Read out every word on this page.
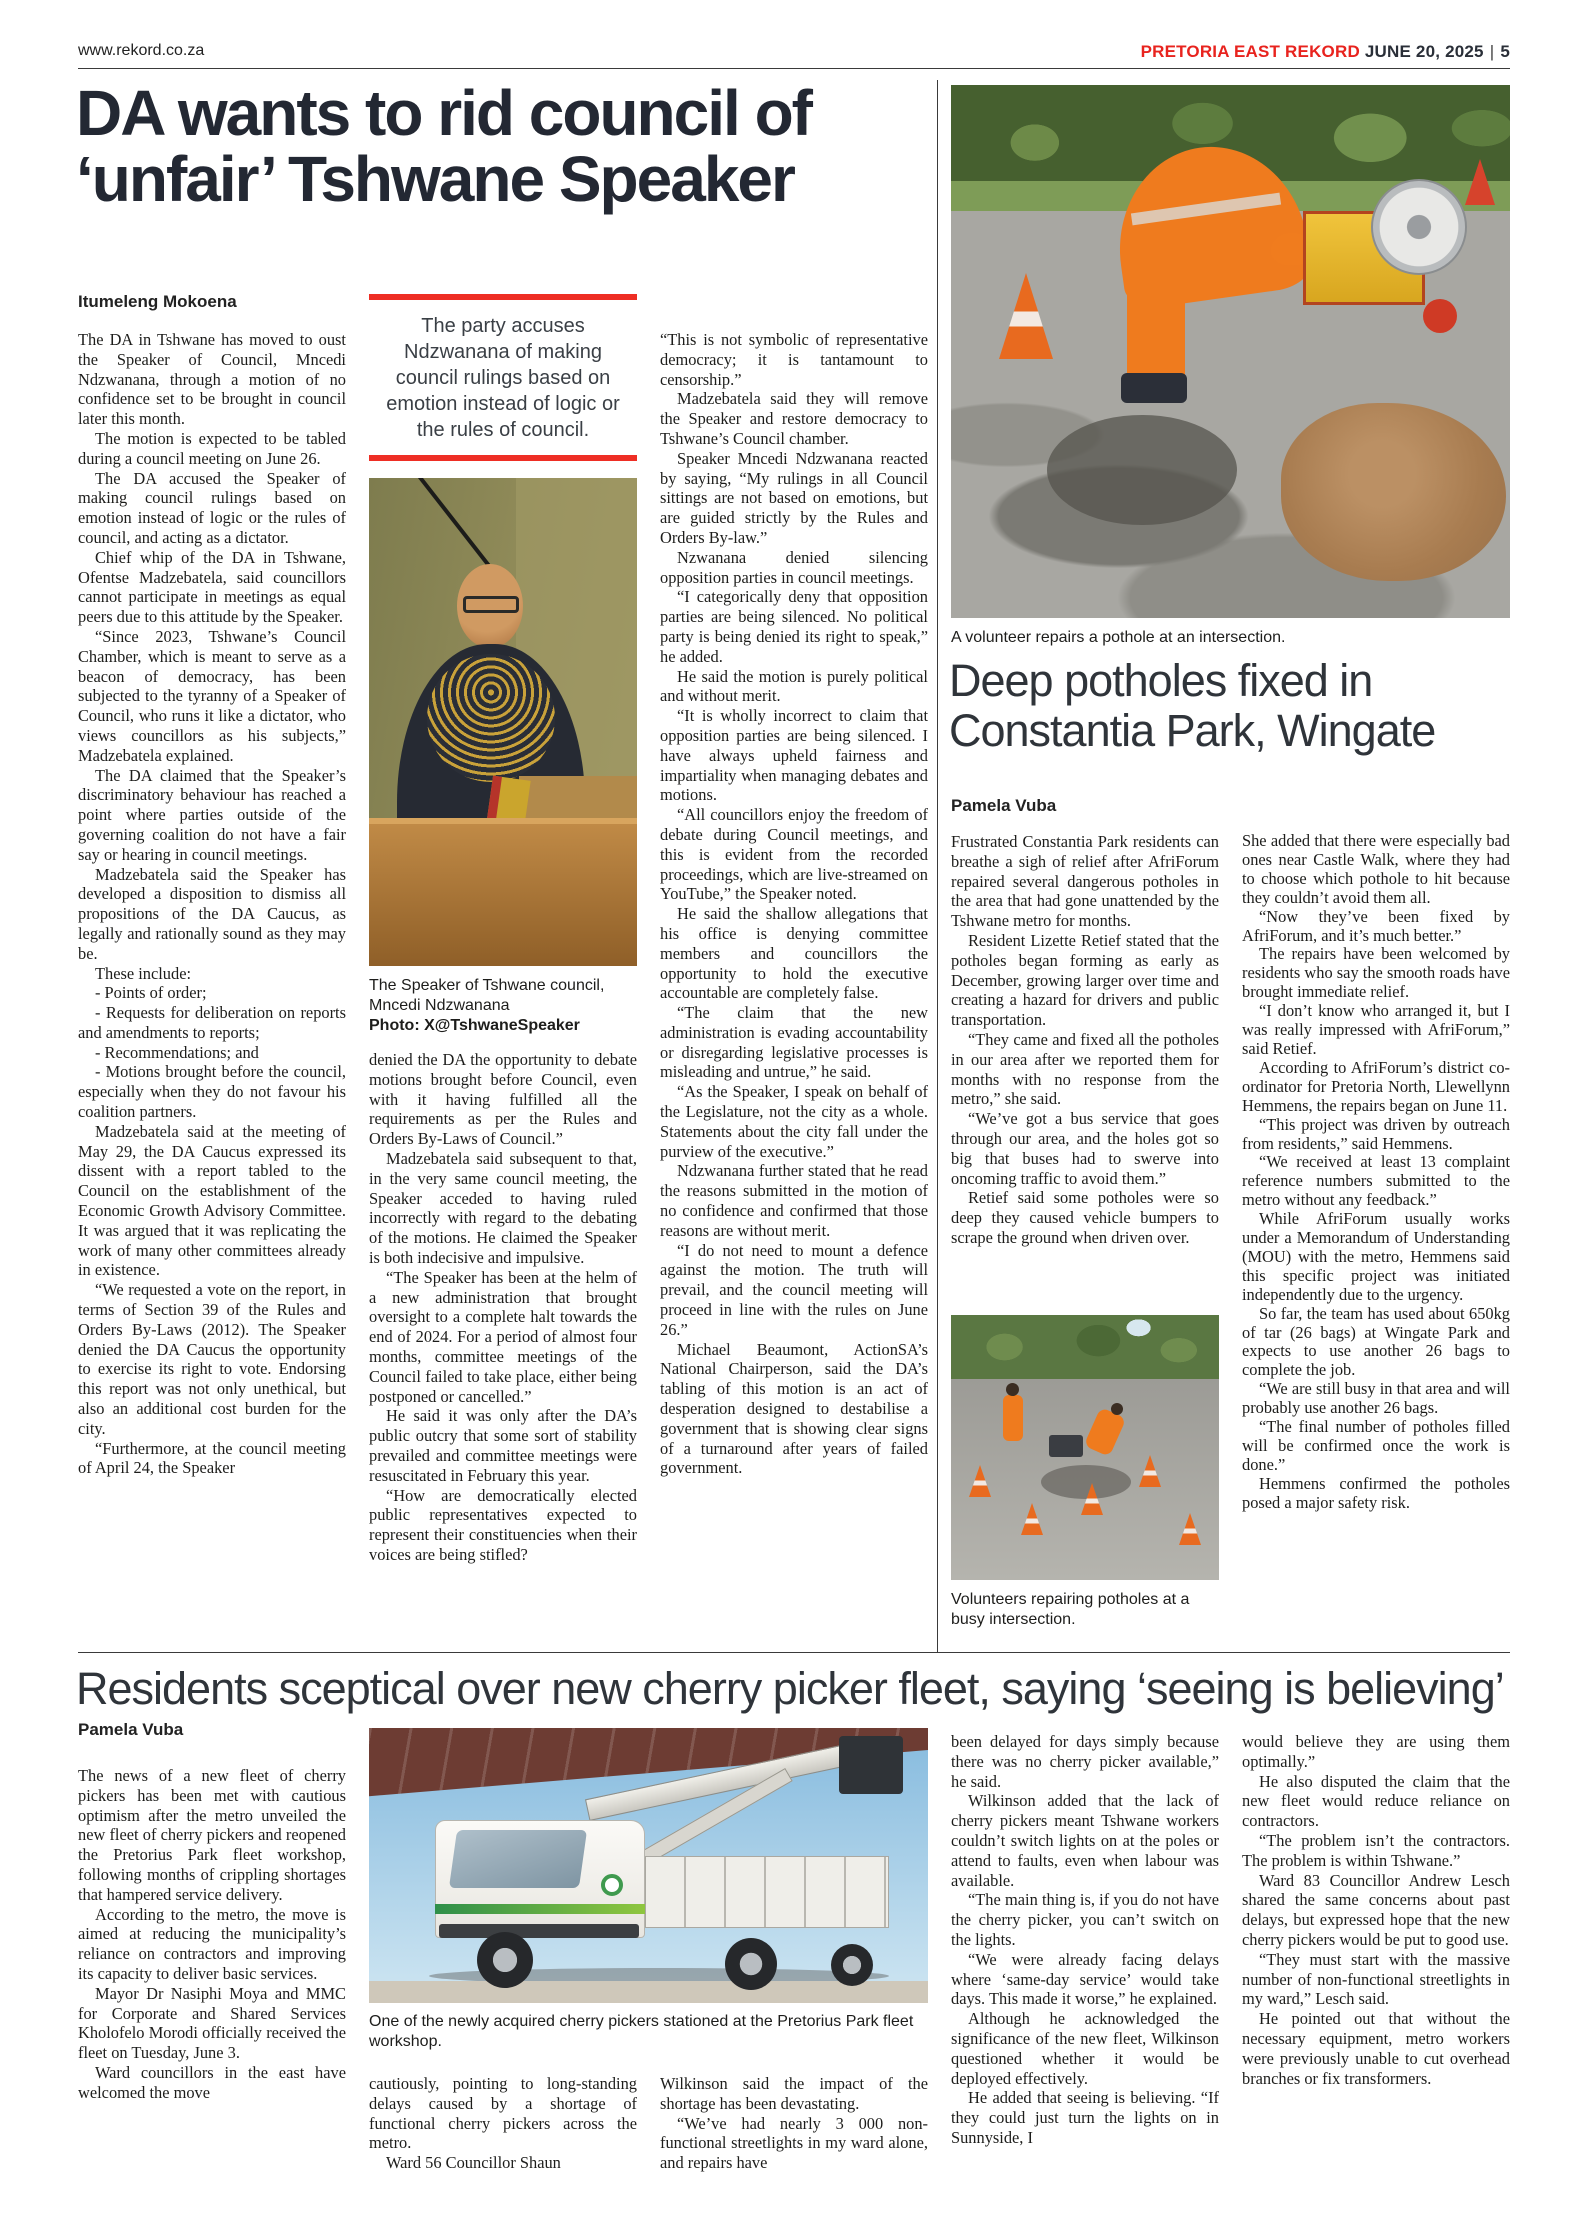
www.rekord.co.za	PRETORIA EAST REKORD JUNE 20, 2025 | 5
DA wants to rid council of
‘unfair’ Tshwane Speaker
Itumeleng Mokoena

The DA in Tshwane has moved to oust the Speaker of Council, Mncedi Ndzwanana, through a motion of no confidence set to be brought in council later this month.

The motion is expected to be tabled during a council meeting on June 26.

The DA accused the Speaker of making council rulings based on emotion instead of logic or the rules of council, and acting as a dictator.

Chief whip of the DA in Tshwane, Ofentse Madzebatela, said councillors cannot participate in meetings as equal peers due to this attitude by the Speaker.

“Since 2023, Tshwane’s Council Chamber, which is meant to serve as a beacon of democracy, has been subjected to the tyranny of a Speaker of Council, who runs it like a dictator, who views councillors as his subjects,” Madzebatela explained.

The DA claimed that the Speaker’s discriminatory behaviour has reached a point where parties outside of the governing coalition do not have a fair say or hearing in council meetings.

Madzebatela said the Speaker has developed a disposition to dismiss all propositions of the DA Caucus, as legally and rationally sound as they may be.

These include:

- Points of order;

- Requests for deliberation on reports and amendments to reports;

- Recommendations; and

- Motions brought before the council, especially when they do not favour his coalition partners.

Madzebatela said at the meeting of May 29, the DA Caucus expressed its dissent with a report tabled to the Council on the establishment of the Economic Growth Advisory Committee. It was argued that it was replicating the work of many other committees already in existence.

“We requested a vote on the report, in terms of Section 39 of the Rules and Orders By-Laws (2012). The Speaker denied the DA Caucus the opportunity to exercise its right to vote. Endorsing this report was not only unethical, but also an additional cost burden for the city.

“Furthermore, at the council meeting of April 24, the Speaker

The party accuses Ndzwanana of making council rulings based on emotion instead of logic or the rules of council.
The Speaker of Tshwane council, Mncedi Ndzwanana
Photo: X@TshwaneSpeaker

denied the DA the opportunity to debate motions brought before Council, even with it having fulfilled all the requirements as per the Rules and Orders By-Laws of Council.”

Madzebatela said subsequent to that, in the very same council meeting, the Speaker acceded to having ruled incorrectly with regard to the debating of the motions. He claimed the Speaker is both indecisive and impulsive.

“The Speaker has been at the helm of a new administration that brought oversight to a complete halt towards the end of 2024. For a period of almost four months, committee meetings of the Council failed to take place, either being postponed or cancelled.”

He said it was only after the DA’s public outcry that some sort of stability prevailed and committee meetings were resuscitated in February this year.

“How are democratically elected public representatives expected to represent their constituencies when their voices are being stifled?

“This is not symbolic of representative democracy; it is tantamount to censorship.”

Madzebatela said they will remove the Speaker and restore democracy to Tshwane’s Council chamber.

Speaker Mncedi Ndzwanana reacted by saying, “My rulings in all Council sittings are not based on emotions, but are guided strictly by the Rules and Orders By-law.”

Nzwanana denied silencing opposition parties in council meetings.

“I categorically deny that opposition parties are being silenced. No political party is being denied its right to speak,” he added.

He said the motion is purely political and without merit.

“It is wholly incorrect to claim that opposition parties are being silenced. I have always upheld fairness and impartiality when managing debates and motions.

“All councillors enjoy the freedom of debate during Council meetings, and this is evident from the recorded proceedings, which are live-streamed on YouTube,” the Speaker noted.

He said the shallow allegations that his office is denying committee members and councillors the opportunity to hold the executive accountable are completely false.

“The claim that the new administration is evading accountability or disregarding legislative processes is misleading and untrue,” he said.

“As the Speaker, I speak on behalf of the Legislature, not the city as a whole. Statements about the city fall under the purview of the executive.”

Ndzwanana further stated that he read the reasons submitted in the motion of no confidence and confirmed that those reasons are without merit.

“I do not need to mount a defence against the motion. The truth will prevail, and the council meeting will proceed in line with the rules on June 26.”

Michael Beaumont, ActionSA’s National Chairperson, said the DA’s tabling of this motion is an act of desperation designed to destabilise a government that is showing clear signs of a turnaround after years of failed government.

A volunteer repairs a pothole at an intersection.
Deep potholes fixed in
Constantia Park, Wingate
Pamela Vuba

Frustrated Constantia Park residents can breathe a sigh of relief after AfriForum repaired several dangerous potholes in the area that had gone unattended by the Tshwane metro for months.

Resident Lizette Retief stated that the potholes began forming as early as December, growing larger over time and creating a hazard for drivers and public transportation.

“They came and fixed all the potholes in our area after we reported them for months with no response from the metro,” she said.

“We’ve got a bus service that goes through our area, and the holes got so big that buses had to swerve into oncoming traffic to avoid them.”

Retief said some potholes were so deep they caused vehicle bumpers to scrape the ground when driven over.

Volunteers repairing potholes at a busy intersection.

She added that there were especially bad ones near Castle Walk, where they had to choose which pothole to hit because they couldn’t avoid them all.

“Now they’ve been fixed by AfriForum, and it’s much better.”

The repairs have been welcomed by residents who say the smooth roads have brought immediate relief.

“I don’t know who arranged it, but I was really impressed with AfriForum,” said Retief.

According to AfriForum’s district co-ordinator for Pretoria North, Llewellynn Hemmens, the repairs began on June 11.

“This project was driven by outreach from residents,” said Hemmens.

“We received at least 13 complaint reference numbers submitted to the metro without any feedback.”

While AfriForum usually works under a Memorandum of Understanding (MOU) with the metro, Hemmens said this specific project was initiated independently due to the urgency.

So far, the team has used about 650kg of tar (26 bags) at Wingate Park and expects to use another 26 bags to complete the job.

“We are still busy in that area and will probably use another 26 bags.

“The final number of potholes filled will be confirmed once the work is done.”

Hemmens confirmed the potholes posed a major safety risk.

Residents sceptical over new cherry picker fleet, saying ‘seeing is believing’
Pamela Vuba

The news of a new fleet of cherry pickers has been met with cautious optimism after the metro unveiled the new fleet of cherry pickers and reopened the Pretorius Park fleet workshop, following months of crippling shortages that hampered service delivery.

According to the metro, the move is aimed at reducing the municipality’s reliance on contractors and improving its capacity to deliver basic services.

Mayor Dr Nasiphi Moya and MMC for Corporate and Shared Services Kholofelo Morodi officially received the fleet on Tuesday, June 3.

Ward councillors in the east have welcomed the move

One of the newly acquired cherry pickers stationed at the Pretorius Park fleet workshop.

cautiously, pointing to long-standing delays caused by a shortage of functional cherry pickers across the metro.

Ward 56 Councillor Shaun

Wilkinson said the impact of the shortage has been devastating.

“We’ve had nearly 3 000 non-functional streetlights in my ward alone, and repairs have

been delayed for days simply because there was no cherry picker available,” he said.

Wilkinson added that the lack of cherry pickers meant Tshwane workers couldn’t switch lights on at the poles or attend to faults, even when labour was available.

“The main thing is, if you do not have the cherry picker, you can’t switch on the lights.

“We were already facing delays where ‘same-day service’ would take days. This made it worse,” he explained.

Although he acknowledged the significance of the new fleet, Wilkinson questioned whether it would be deployed effectively.

He added that seeing is believing. “If they could just turn the lights on in Sunnyside, I

would believe they are using them optimally.”

He also disputed the claim that the new fleet would reduce reliance on contractors.

“The problem isn’t the contractors. The problem is within Tshwane.”

Ward 83 Councillor Andrew Lesch shared the same concerns about past delays, but expressed hope that the new cherry pickers would be put to good use.

“They must start with the massive number of non-functional streetlights in my ward,” Lesch said.

He pointed out that without the necessary equipment, metro workers were previously unable to cut overhead branches or fix transformers.
